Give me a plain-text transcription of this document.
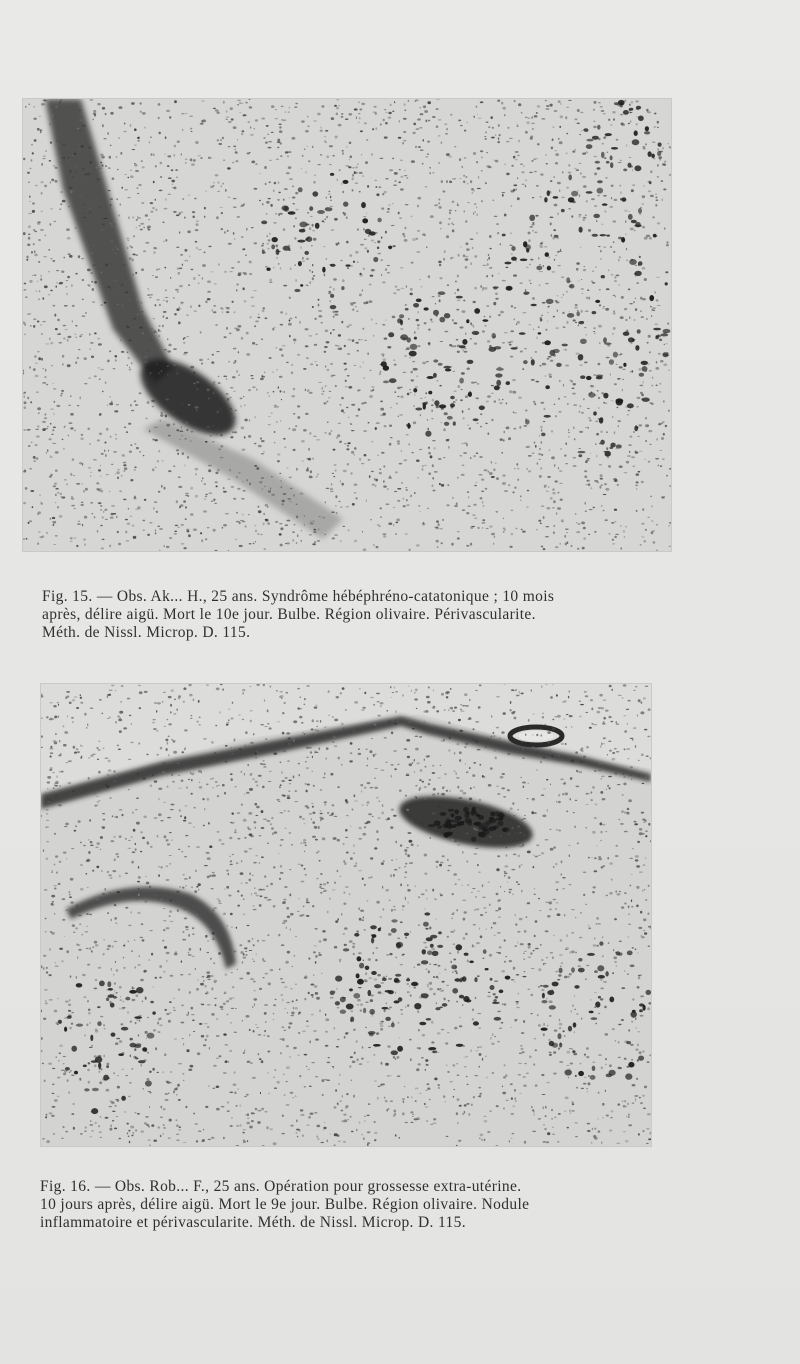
Fig. 15. — Obs. Ak... H., 25 ans. Syndrôme hébéphréno-catatonique ; 10 mois
après, délire aigü. Mort le 10e jour. Bulbe. Région olivaire. Périvascularite.
Méth. de Nissl. Microp. D. 115.
Fig. 16. — Obs. Rob... F., 25 ans. Opération pour grossesse extra-utérine.
10 jours après, délire aigü. Mort le 9e jour. Bulbe. Région olivaire. Nodule
inflammatoire et périvascularite. Méth. de Nissl. Microp. D. 115.
